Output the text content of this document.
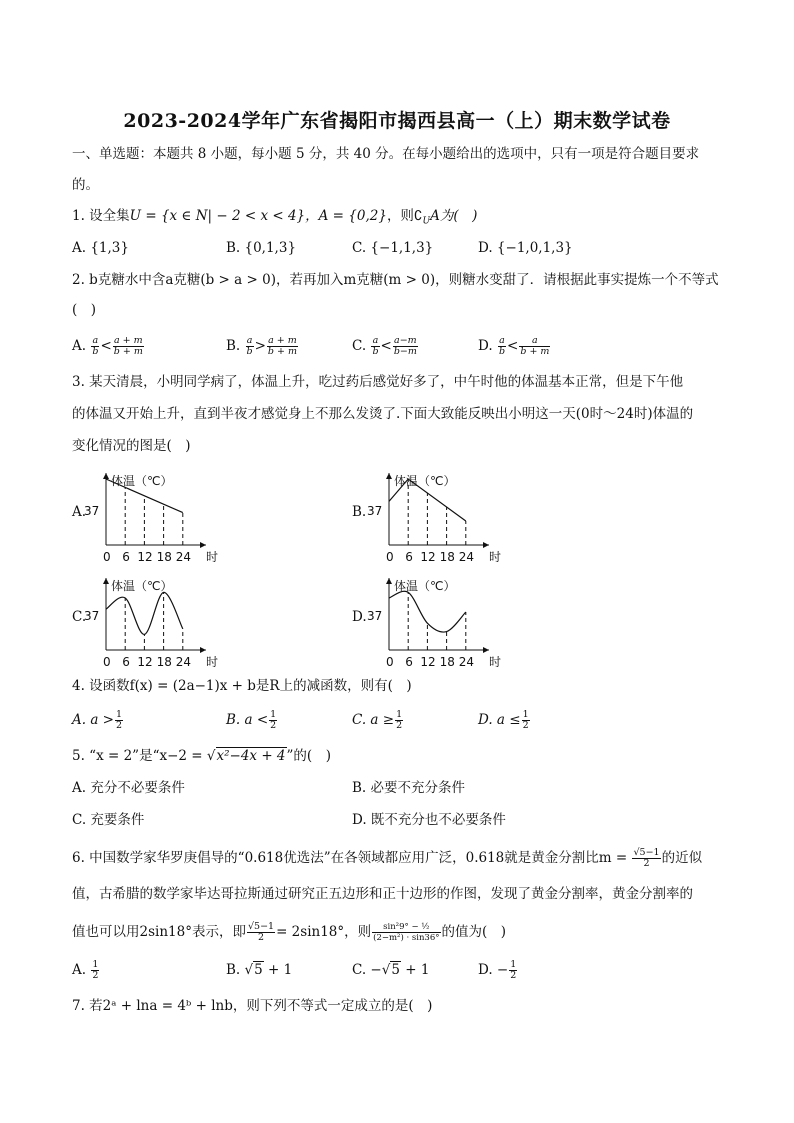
2023-2024学年广东省揭阳市揭西县高一（上）期末数学试卷
一、单选题：本题共 8 小题，每小题 5 分，共 40 分。在每小题给出的选项中，只有一项是符合题目要求
的。
1. 设全集U = {x ∈ N| − 2 < x < 4}，A = {0,2}，则$∁_UA$为(　)
A. {1,3}	B. {0,1,3}	C. {−1,1,3}	D. {−1,0,1,3}
2. b克糖水中含a克糖(b > a > 0)，若再加入m克糖(m > 0)，则糖水变甜了．请根据此事实提炼一个不等式
(　)
A. $\frac{a}{b} < \frac{a + m}{b + m}$	B. $\frac{a}{b} > \frac{a + m}{b + m}$	C. $\frac{a}{b} < \frac{a-m}{b-m}$	D. $\frac{a}{b} < \frac{a}{b + m}$
3. 某天清晨，小明同学病了，体温上升，吃过药后感觉好多了，中午时他的体温基本正常，但是下午他
的体温又开始上升，直到半夜才感觉身上不那么发烫了.下面大致能反映出小明这一天(0时～24时)体温的
变化情况的图是(　)
A.	B.
C.	D.
体温（℃）
37
时
0 6 12 18 24
体温（℃）
37
时
0 6 12 18 24
体温（℃）
37
时
0 6 12 18 24
体温（℃）
37
时
0 6 12 18 24
4. 设函数f(x) = (2a−1)x + b是R上的减函数，则有(　)
A. $a > \frac{1}{2}$	B. $a < \frac{1}{2}$	C. $a \ge \frac{1}{2}$	D. $a \le \frac{1}{2}$
5. “x = 2”是“x−2 = √x²−4x + 4”的(　)
A. 充分不必要条件	B. 必要不充分条件
C. 充要条件	D. 既不充分也不必要条件
6. 中国数学家华罗庚倡导的“0.618优选法”在各领域都应用广泛，0.618就是黄金分割比$m = \frac{√5-1}{2}$ 的近似
值，古希腊的数学家毕达哥拉斯通过研究正五边形和正十边形的作图，发现了黄金分割率，黄金分割率的
值也可以用2sin18°表示，即 $\frac{√5-1}{2} = 2\sin 18^\circ$，则 $\frac{\text{sin²9° − ½}}{\text{(2−m²) · sin36°}}$ 的值为(　)
A. $\frac{1}{2}$	B. √5 + 1	C. −√5 + 1	D. − $\frac{1}{2}$
7. 若2ᵃ + lna = 4ᵇ + lnb，则下列不等式一定成立的是(　)
